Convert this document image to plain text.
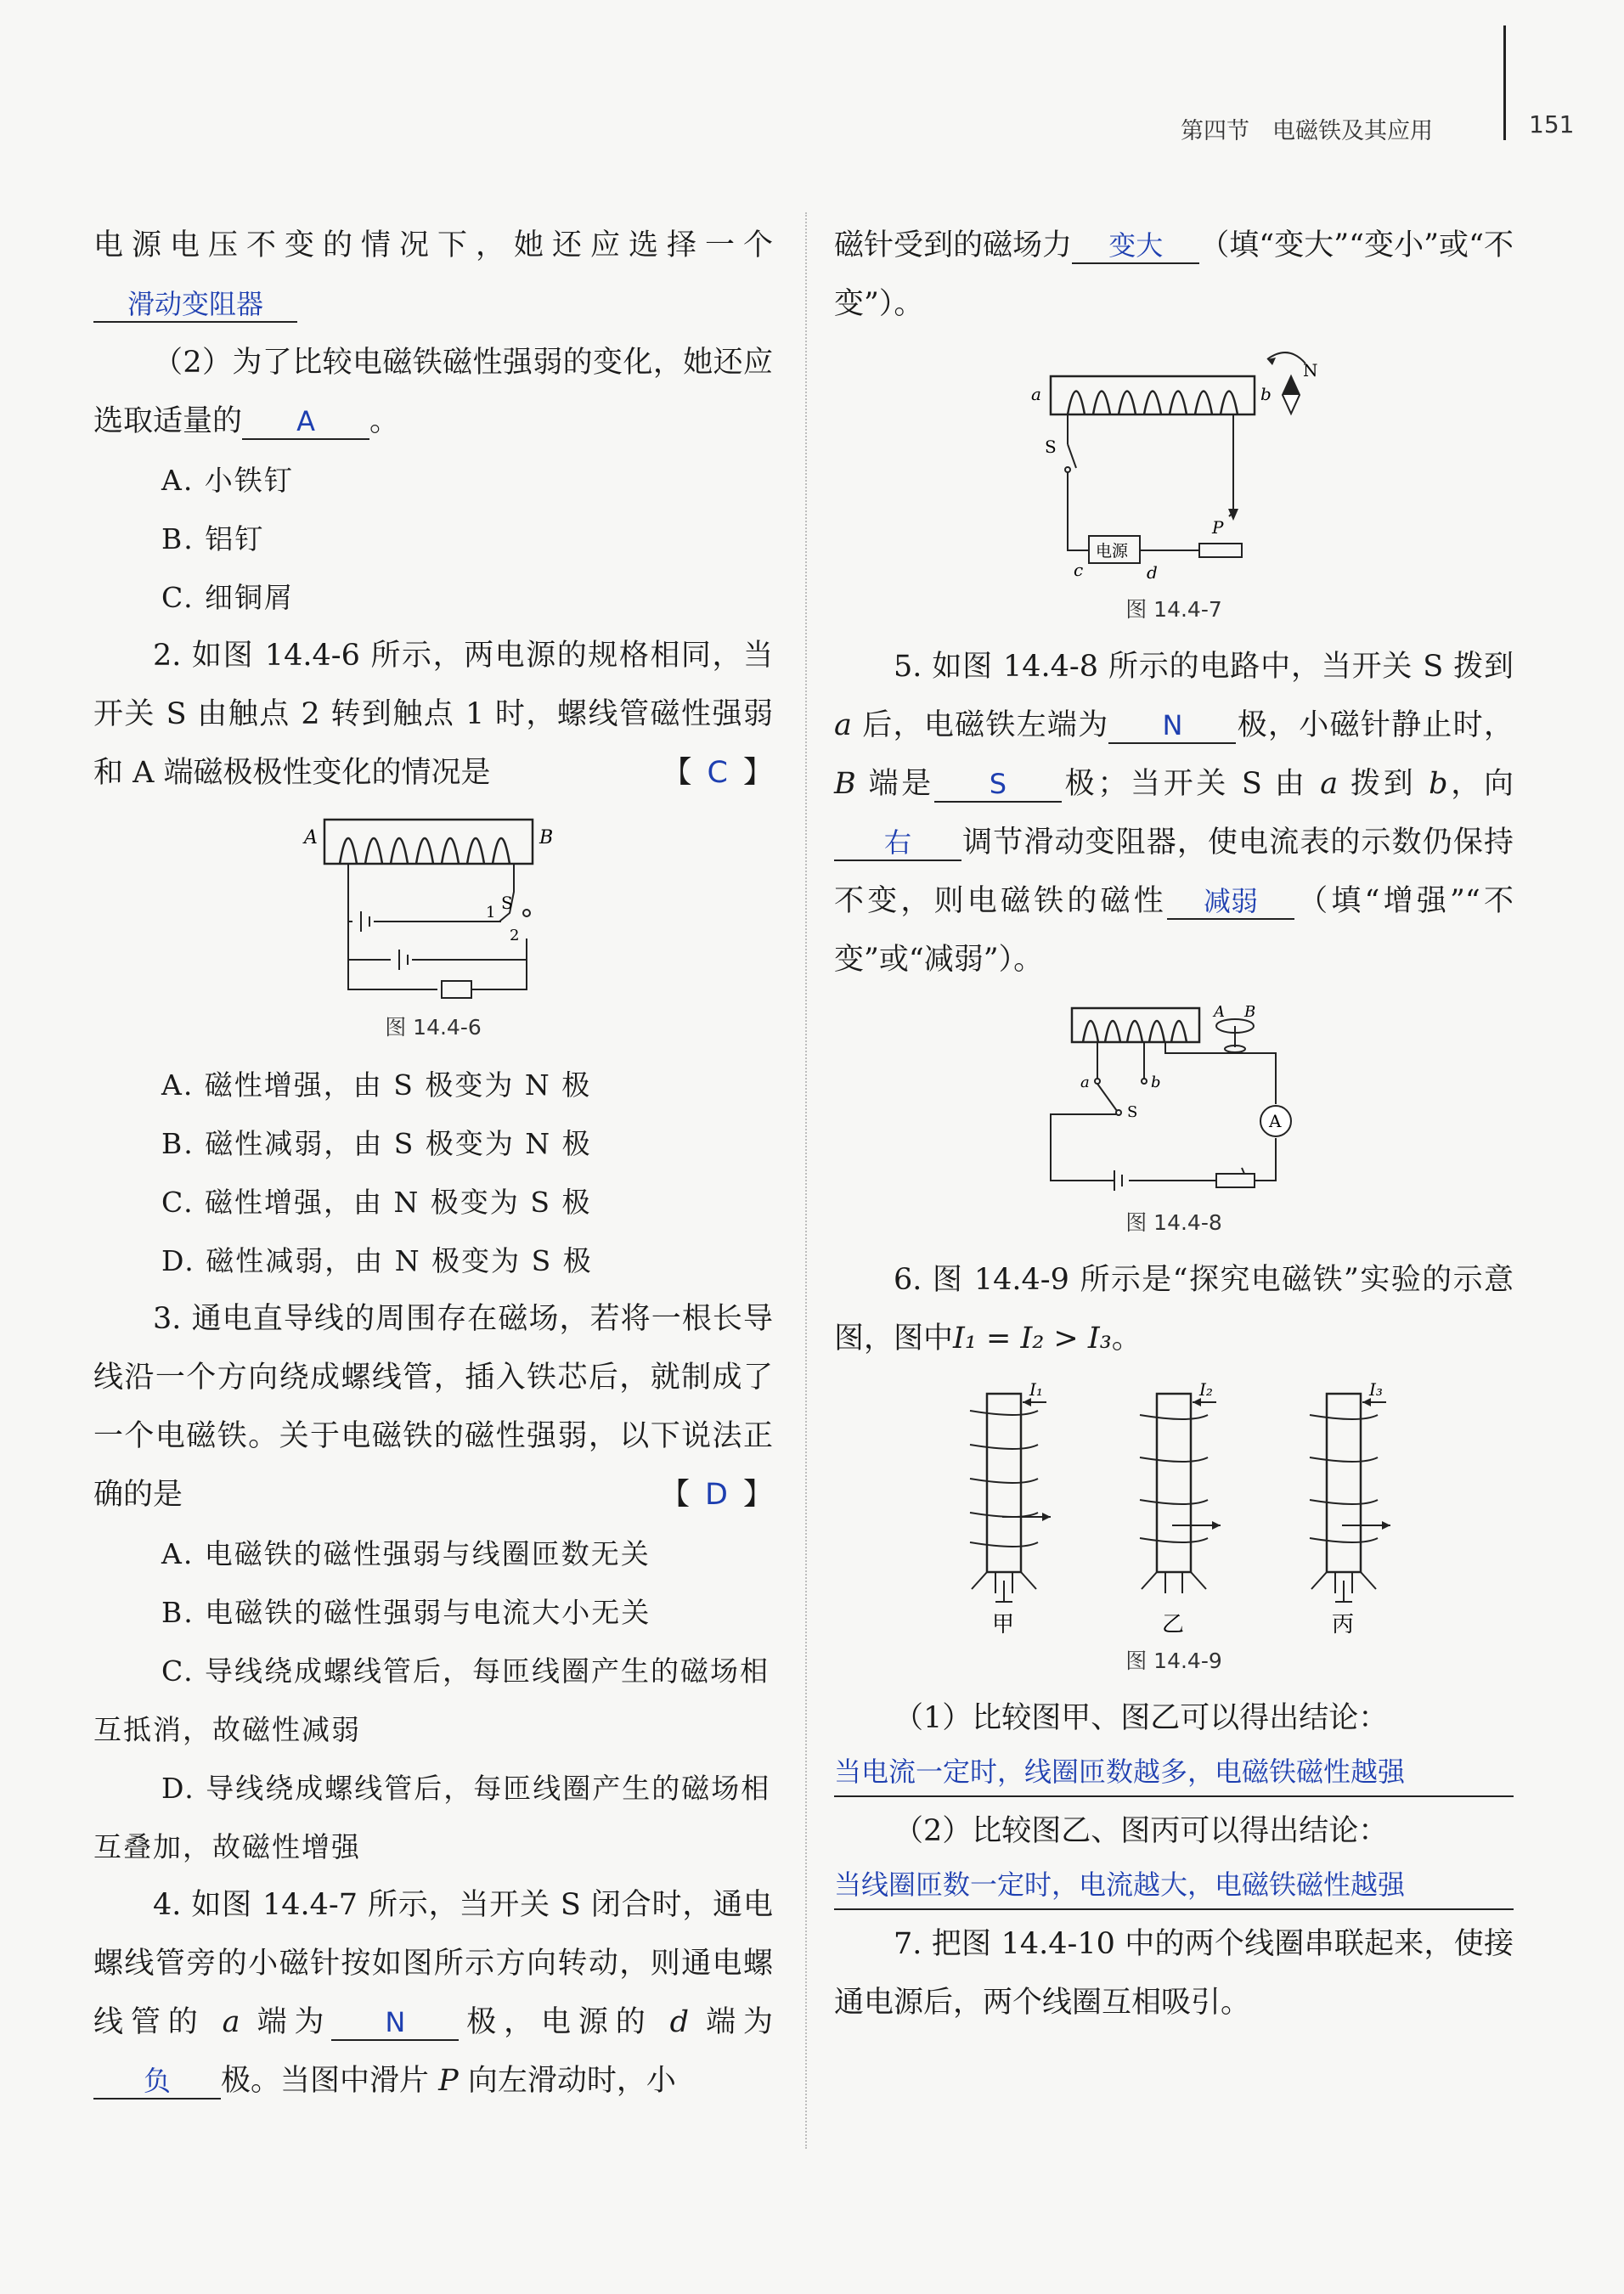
第四节　电磁铁及其应用	151

电源电压不变的情况下，她还应选择一个滑动变阻器

（2）为了比较电磁铁磁性强弱的变化，她还应选取适量的 A 。

A. 小铁钉

B. 铝钉

C. 细铜屑

2. 如图 14.4-6 所示，两电源的规格相同，当开关 S 由触点 2 转到触点 1 时，螺线管磁性强弱和 A 端磁极极性变化的情况是	【 C 】

A	B
S
1
2

图 14.4-6

A. 磁性增强，由 S 极变为 N 极

B. 磁性减弱，由 S 极变为 N 极

C. 磁性增强，由 N 极变为 S 极

D. 磁性减弱，由 N 极变为 S 极

3. 通电直导线的周围存在磁场，若将一根长导线沿一个方向绕成螺线管，插入铁芯后，就制成了一个电磁铁。关于电磁铁的磁性强弱，以下说法正确的是	【 D 】

A. 电磁铁的磁性强弱与线圈匝数无关

B. 电磁铁的磁性强弱与电流大小无关

C. 导线绕成螺线管后，每匝线圈产生的磁场相互抵消，故磁性减弱

D. 导线绕成螺线管后，每匝线圈产生的磁场相互叠加，故磁性增强

4. 如图 14.4-7 所示，当开关 S 闭合时，通电螺线管旁的小磁针按如图所示方向转动，则通电螺线管的 a 端为 N 极，电源的 d 端为负 极。当图中滑片 P 向左滑动时，小

磁针受到的磁场力 变大 （填“变大”“变小”或“不变”）。

a	b
N
S
电源
P
c	d

图 14.4-7

5. 如图 14.4-8 所示的电路中，当开关 S 拨到 a 后，电磁铁左端为 N 极，小磁针静止时，B 端是 S 极；当开关 S 由 a 拨到 b，向右 调节滑动变阻器，使电流表的示数仍保持不变，则电磁铁的磁性 减弱 （填“增强”“不变”或“减弱”）。

A B
a	b
S	A

图 14.4-8

6. 图 14.4-9 所示是“探究电磁铁”实验的示意图，图中I₁ = I₂ > I₃。

I₁
甲
I₂
乙
I₃
丙

图 14.4-9

（1）比较图甲、图乙可以得出结论：

当电流一定时，线圈匝数越多，电磁铁磁性越强

（2）比较图乙、图丙可以得出结论：

当线圈匝数一定时，电流越大，电磁铁磁性越强

7. 把图 14.4-10 中的两个线圈串联起来，使接通电源后，两个线圈互相吸引。
